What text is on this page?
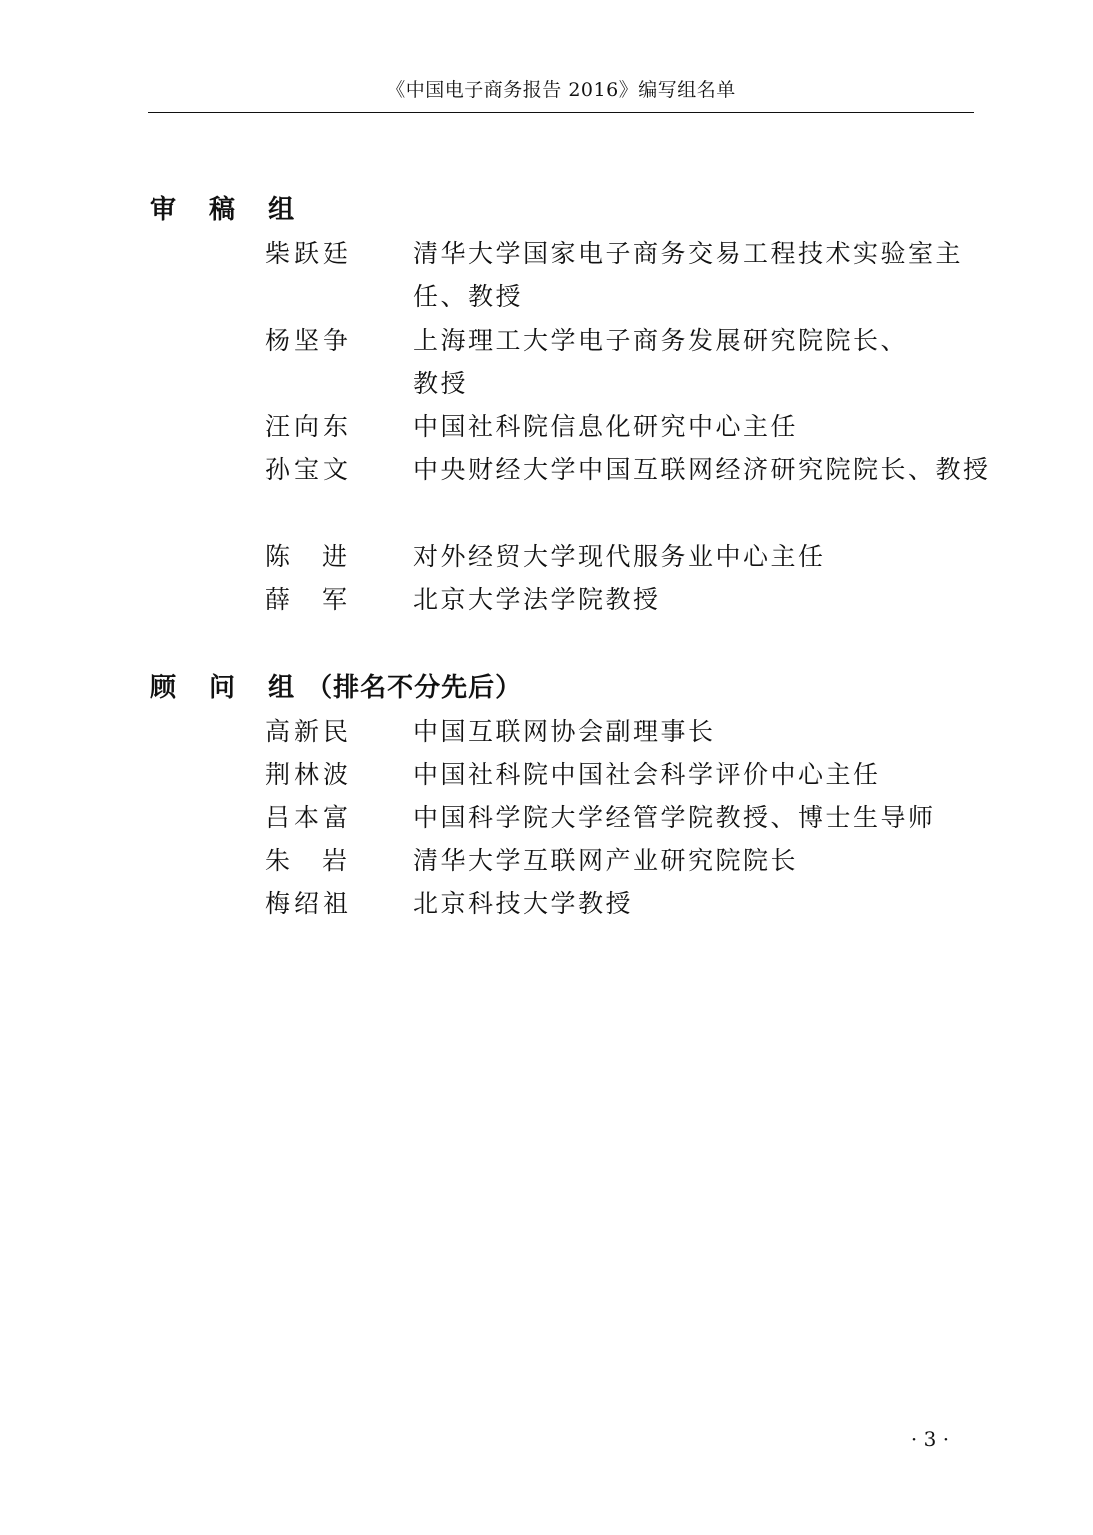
《中国电子商务报告 2016》编写组名单
审 稿 组
柴跃廷	清华大学国家电子商务交易工程技术实验室主任、教授
杨坚争	上海理工大学电子商务发展研究院院长、教授
汪向东	中国社科院信息化研究中心主任
孙宝文	中央财经大学中国互联网经济研究院院长、教授
陈进 对外经贸大学现代服务业中心主任
薛军 北京大学法学院教授
顾 问 组（排名不分先后）
高新民	中国互联网协会副理事长
荆林波	中国社科院中国社会科学评价中心主任
吕本富	中国科学院大学经管学院教授、博士生导师
朱岩 清华大学互联网产业研究院院长
梅绍祖	北京科技大学教授
· 3 ·
